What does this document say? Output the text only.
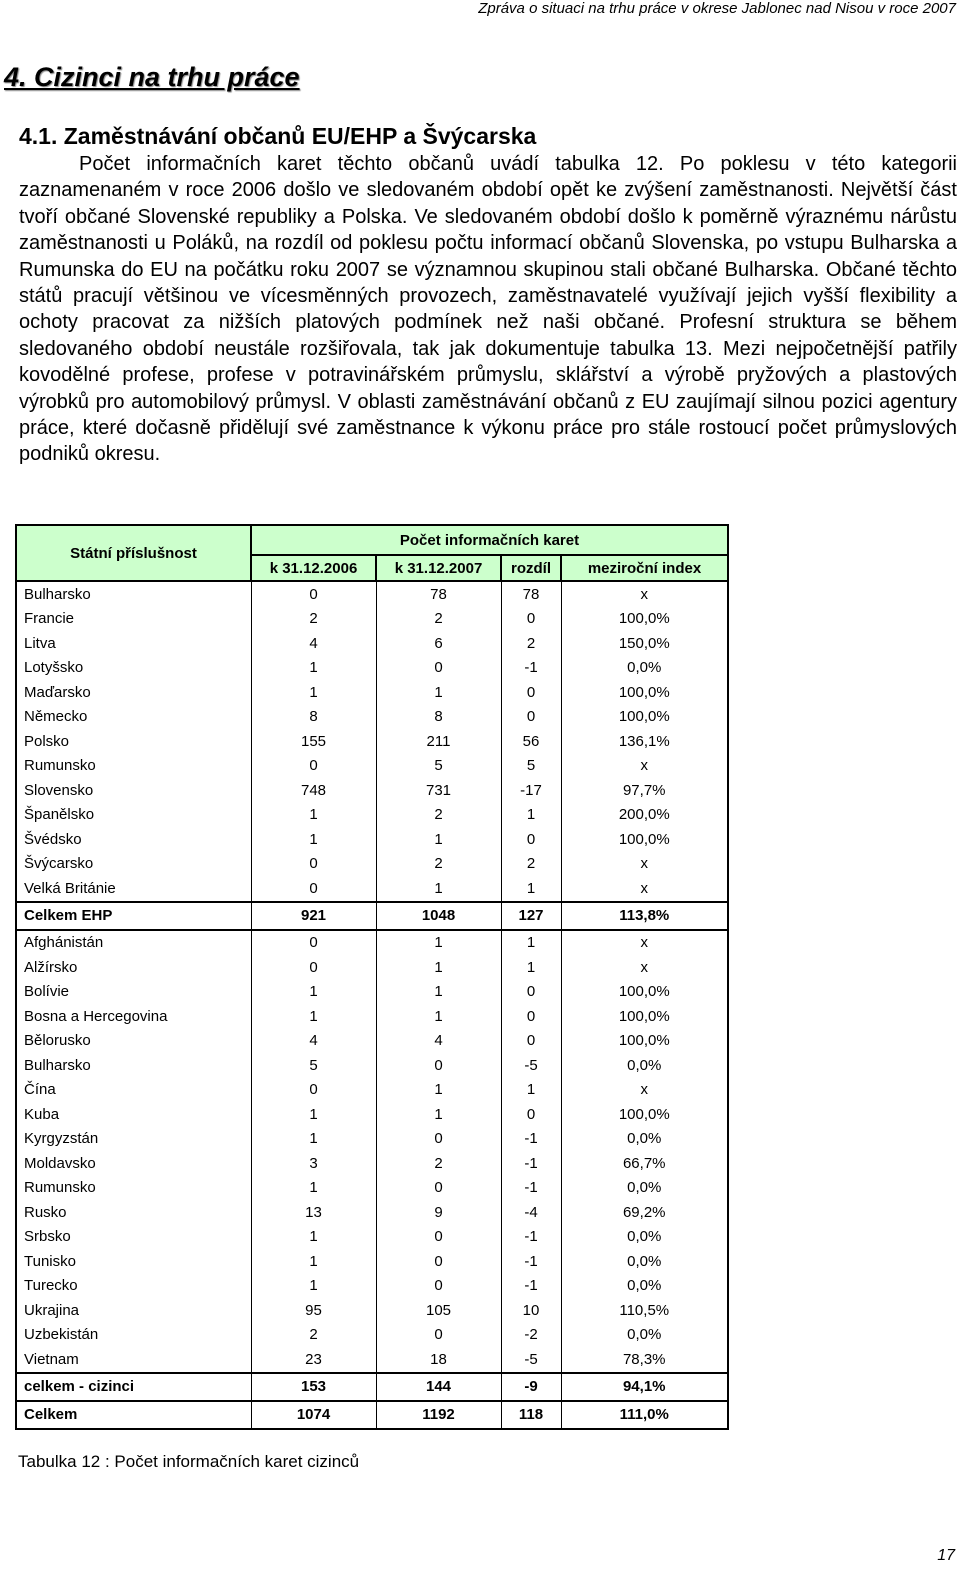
Zpráva o situaci na trhu práce v okrese Jablonec nad Nisou v roce 2007
4. Cizinci na trhu práce
4.1. Zaměstnávání občanů EU/EHP a Švýcarska
Počet informačních karet těchto občanů uvádí tabulka 12. Po poklesu v této kategorii zaznamenaném v roce 2006 došlo ve sledovaném období opět ke zvýšení zaměstnanosti. Největší část tvoří občané Slovenské republiky a Polska. Ve sledovaném období došlo k poměrně výraznému nárůstu zaměstnanosti u Poláků, na rozdíl od poklesu počtu informací občanů Slovenska, po vstupu Bulharska a Rumunska do EU na počátku roku 2007 se významnou skupinou stali občané Bulharska. Občané těchto států pracují většinou ve vícesměnných provozech, zaměstnavatelé využívají jejich vyšší flexibility a ochoty pracovat za nižších platových podmínek než naši občané. Profesní struktura se během sledovaného období neustále rozšiřovala, tak jak dokumentuje tabulka 13. Mezi nejpočetnější patřily kovodělné profese, profese v potravinářském průmyslu, sklářství a výrobě pryžových a plastových výrobků pro automobilový průmysl. V oblasti zaměstnávání občanů z EU zaujímají silnou pozici agentury práce, které dočasně přidělují své zaměstnance k výkonu práce pro stále rostoucí počet průmyslových podniků okresu.
Státní příslušnost	Počet informačních karet			
	k 31.12.2006	k 31.12.2007	rozdíl	meziroční index
Bulharsko	0	78	78	x
Francie	2	2	0	100,0%
Litva	4	6	2	150,0%
Lotyšsko	1	0	-1	0,0%
Maďarsko	1	1	0	100,0%
Německo	8	8	0	100,0%
Polsko	155	211	56	136,1%
Rumunsko	0	5	5	x
Slovensko	748	731	-17	97,7%
Španělsko	1	2	1	200,0%
Švédsko	1	1	0	100,0%
Švýcarsko	0	2	2	x
Velká Británie	0	1	1	x
Celkem EHP	921	1048	127	113,8%
Afghánistán	0	1	1	x
Alžírsko	0	1	1	x
Bolívie	1	1	0	100,0%
Bosna a Hercegovina	1	1	0	100,0%
Bělorusko	4	4	0	100,0%
Bulharsko	5	0	-5	0,0%
Čína	0	1	1	x
Kuba	1	1	0	100,0%
Kyrgyzstán	1	0	-1	0,0%
Moldavsko	3	2	-1	66,7%
Rumunsko	1	0	-1	0,0%
Rusko	13	9	-4	69,2%
Srbsko	1	0	-1	0,0%
Tunisko	1	0	-1	0,0%
Turecko	1	0	-1	0,0%
Ukrajina	95	105	10	110,5%
Uzbekistán	2	0	-2	0,0%
Vietnam	23	18	-5	78,3%
celkem - cizinci	153	144	-9	94,1%
Celkem	1074	1192	118	111,0%
Tabulka 12 : Počet informačních karet cizinců
17
